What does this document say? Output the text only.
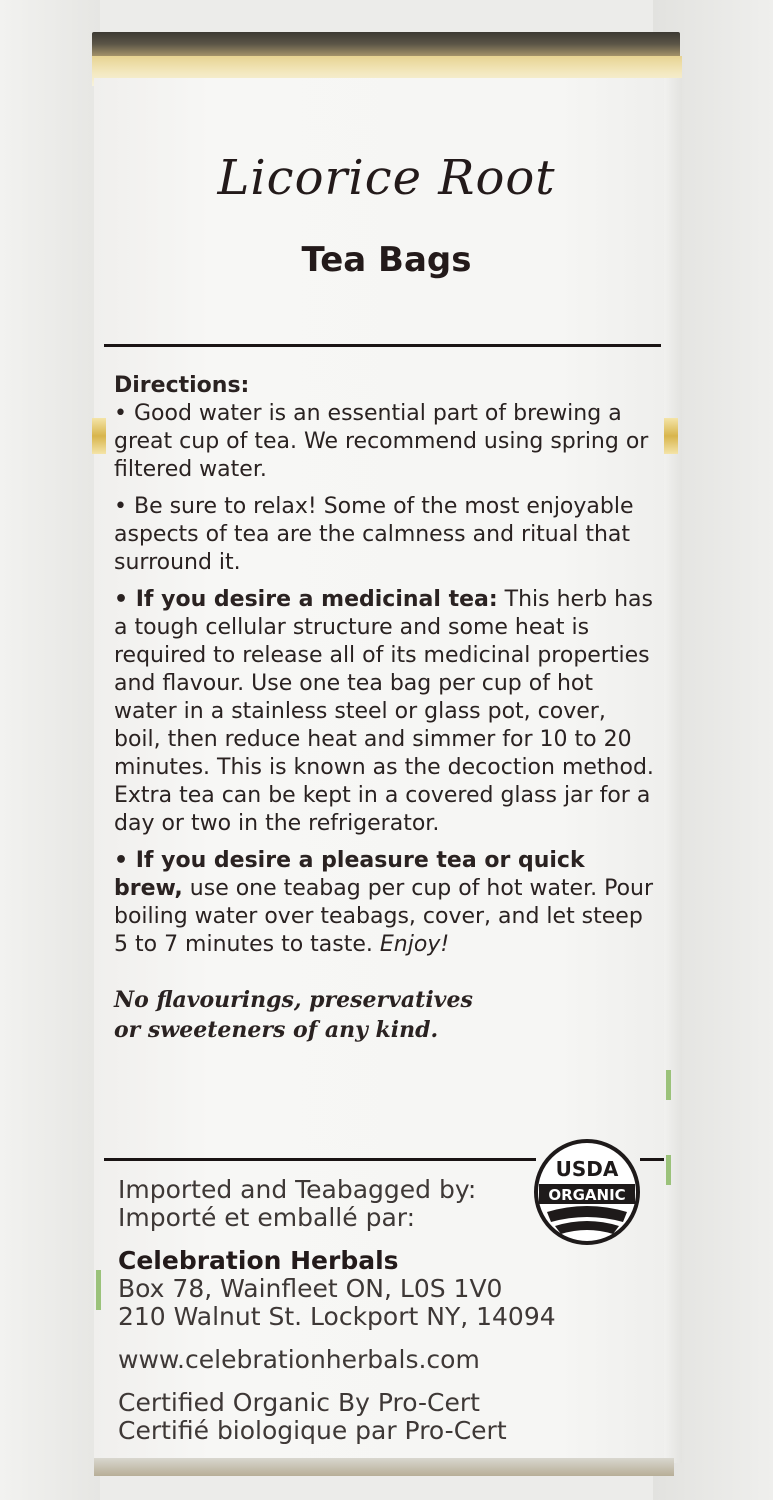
Licorice Root
Tea Bags

Directions:

• Good water is an essential part of brewing a great cup of tea. We recommend using spring or filtered water.

• Be sure to relax! Some of the most enjoyable aspects of tea are the calmness and ritual that surround it.

• If you desire a medicinal tea: This herb has a tough cellular structure and some heat is required to release all of its medicinal properties and flavour. Use one tea bag per cup of hot water in a stainless steel or glass pot, cover, boil, then reduce heat and simmer for 10 to 20 minutes. This is known as the decoction method. Extra tea can be kept in a covered glass jar for a day or two in the refrigerator.

• If you desire a pleasure tea or quick brew, use one teabag per cup of hot water. Pour boiling water over teabags, cover, and let steep 5 to 7 minutes to taste. Enjoy!

No flavourings, preservatives
or sweeteners of any kind.
USDA
ORGANIC
Imported and Teabagged by:
Importé et emballé par:
Celebration Herbals
Box 78, Wainfleet ON, L0S 1V0
210 Walnut St. Lockport NY, 14094
www.celebrationherbals.com
Certified Organic By Pro-Cert
Certifié biologique par Pro-Cert
